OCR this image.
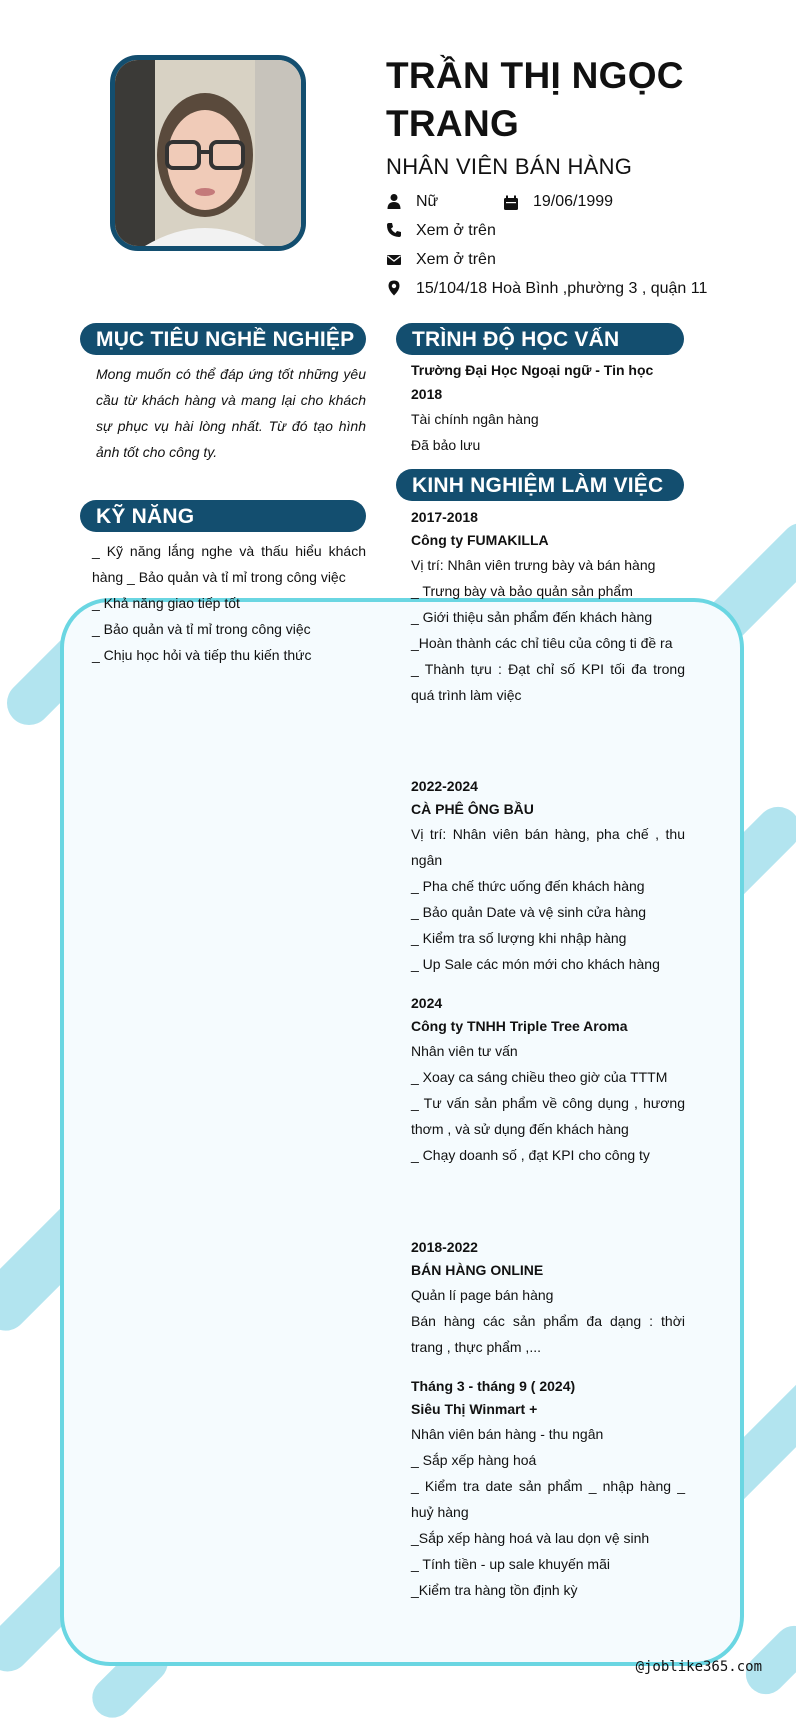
TRẦN THỊ NGỌC TRANG
NHÂN VIÊN BÁN HÀNG
Nữ	19/06/1999
Xem ở trên
Xem ở trên
15/104/18 Hoà Bình ,phường 3 , quận 11
MỤC TIÊU NGHỀ NGHIỆP
Mong muốn có thể đáp ứng tốt những yêu cầu từ khách hàng và mang lại cho khách sự phục vụ hài lòng nhất. Từ đó tạo hình ảnh tốt cho công ty.
KỸ NĂNG
_ Kỹ năng lắng nghe và thấu hiểu khách hàng _ Bảo quản và tỉ mỉ trong công việc
_ Khả năng giao tiếp tốt
_ Bảo quản và tỉ mỉ trong công việc
_ Chịu học hỏi và tiếp thu kiến thức
TRÌNH ĐỘ HỌC VẤN
Trường Đại Học Ngoại ngữ - Tin học
2018
Tài chính ngân hàng
Đã bảo lưu
KINH NGHIỆM LÀM VIỆC
2017-2018
Công ty FUMAKILLA
Vị trí: Nhân viên trưng bày và bán hàng
_ Trưng bày và bảo quản sản phẩm
_ Giới thiệu sản phẩm đến khách hàng
_Hoàn thành các chỉ tiêu của công ti đề ra
_ Thành tựu : Đạt chỉ số KPI tối đa trong quá trình làm việc
2022-2024
CÀ PHÊ ÔNG BẦU
Vị trí: Nhân viên bán hàng, pha chế , thu ngân
_ Pha chế thức uống đến khách hàng
_ Bảo quản Date và vệ sinh cửa hàng
_ Kiểm tra số lượng khi nhập hàng
_ Up Sale các món mới cho khách hàng
2024
Công ty TNHH Triple Tree Aroma
Nhân viên tư vấn
_ Xoay ca sáng chiều theo giờ của TTTM
_ Tư vấn sản phẩm về công dụng , hương thơm , và sử dụng đến khách hàng
_ Chạy doanh số , đạt KPI cho công ty
2018-2022
BÁN HÀNG ONLINE
Quản lí page bán hàng
Bán hàng các sản phẩm đa dạng : thời trang , thực phẩm ,...
Tháng 3 - tháng 9 ( 2024)
Siêu Thị Winmart +
Nhân viên bán hàng - thu ngân
_ Sắp xếp hàng hoá
_ Kiểm tra date sản phẩm _ nhập hàng _ huỷ hàng
_Sắp xếp hàng hoá và lau dọn vệ sinh
_ Tính tiền - up sale khuyến mãi
_Kiểm tra hàng tồn định kỳ
@joblike365.com
